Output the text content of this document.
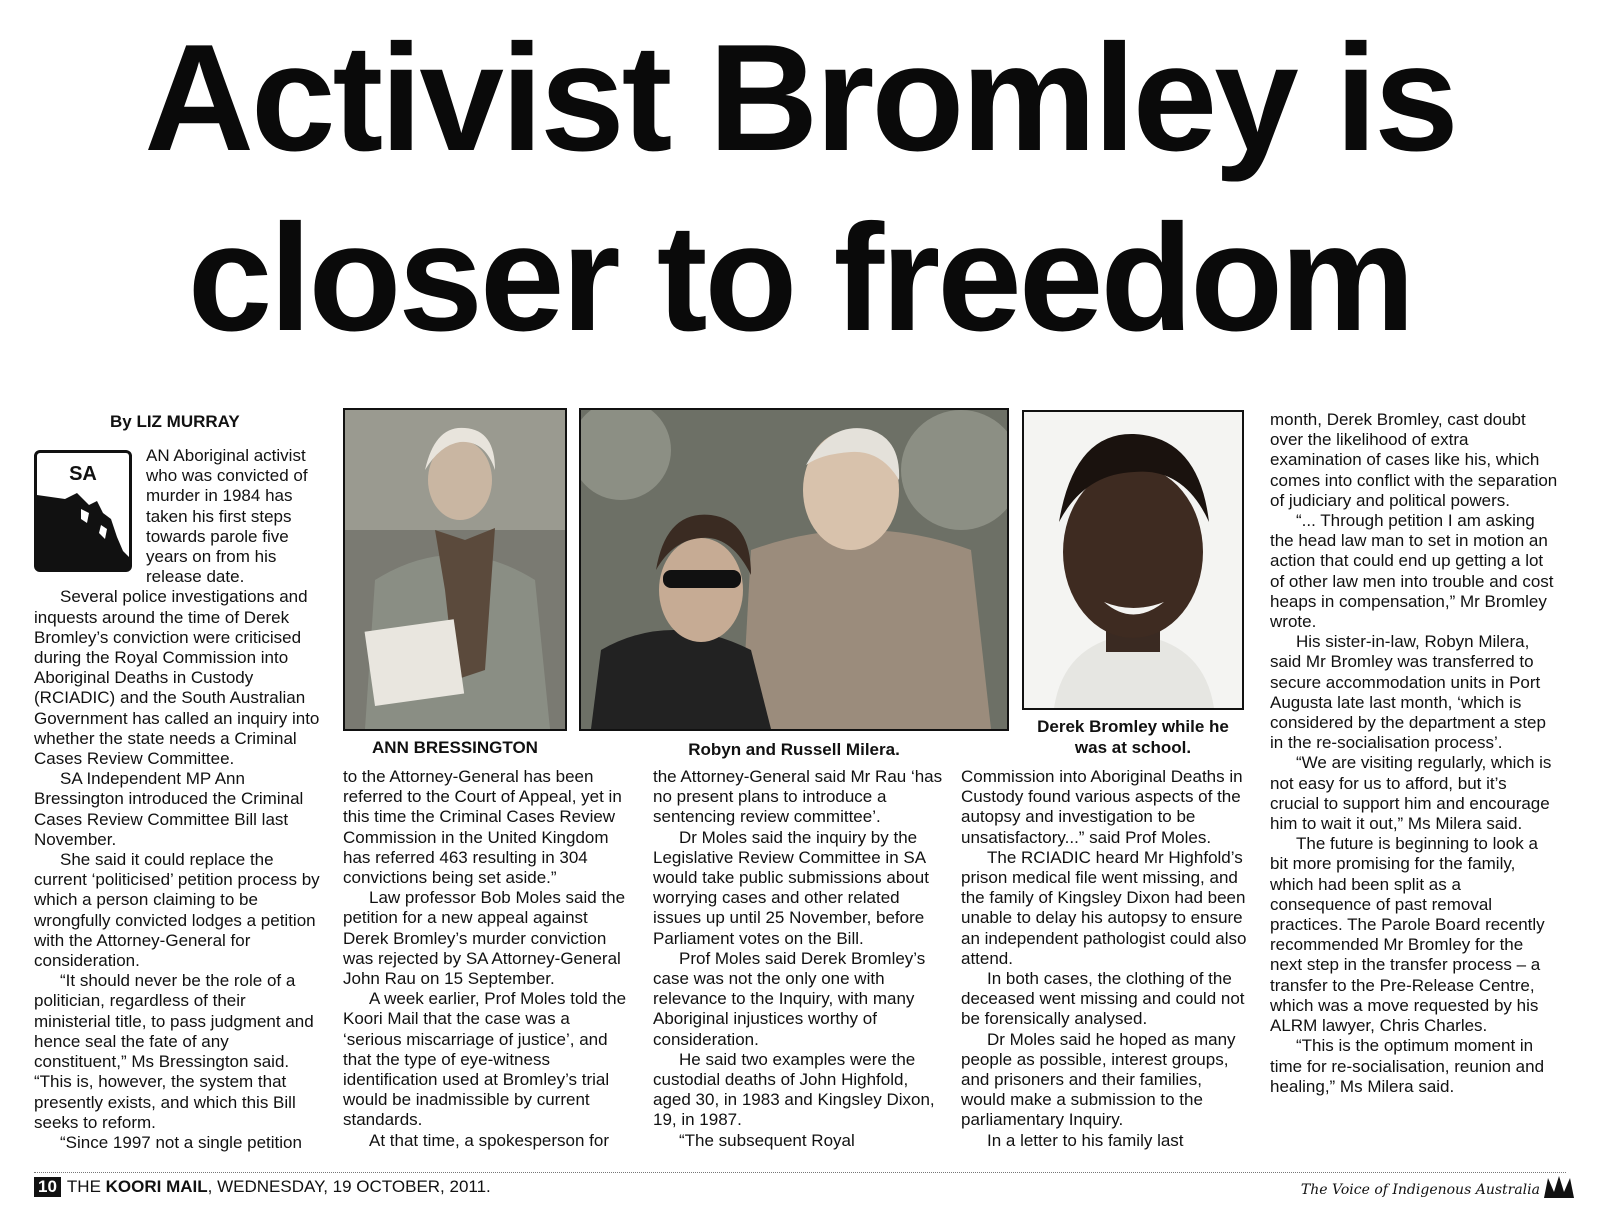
Activist Bromley is
closer to freedom

By LIZ MURRAY

SA

AN Aboriginal activist who was convicted of murder in 1984 has taken his first steps towards parole five years on from his release date.

Several police investigations and inquests around the time of Derek Bromley’s conviction were criticised during the Royal Commission into Aboriginal Deaths in Custody (RCIADIC) and the South Australian Government has called an inquiry into whether the state needs a Criminal Cases Review Committee.

SA Independent MP Ann Bressington introduced the Criminal Cases Review Committee Bill last November.

She said it could replace the current ‘politicised’ petition process by which a person claiming to be wrongfully convicted lodges a petition with the Attorney-General for consideration.

“It should never be the role of a politician, regardless of their ministerial title, to pass judgment and hence seal the fate of any constituent,” Ms Bressington said. “This is, however, the system that presently exists, and which this Bill seeks to reform.

“Since 1997 not a single petition

ANN BRESSINGTON	Robyn and Russell Milera.

Derek Bromley while he was at school.

to the Attorney-General has been referred to the Court of Appeal, yet in this time the Criminal Cases Review Commission in the United Kingdom has referred 463 resulting in 304 convictions being set aside.”

Law professor Bob Moles said the petition for a new appeal against Derek Bromley’s murder conviction was rejected by SA Attorney-General John Rau on 15 September.

A week earlier, Prof Moles told the Koori Mail that the case was a ‘serious miscarriage of justice’, and that the type of eye-witness identification used at Bromley’s trial would be inadmissible by current standards.

At that time, a spokesperson for

the Attorney-General said Mr Rau ‘has no present plans to introduce a sentencing review committee’.

Dr Moles said the inquiry by the Legislative Review Committee in SA would take public submissions about worrying cases and other related issues up until 25 November, before Parliament votes on the Bill.

Prof Moles said Derek Bromley’s case was not the only one with relevance to the Inquiry, with many Aboriginal injustices worthy of consideration.

He said two examples were the custodial deaths of John Highfold, aged 30, in 1983 and Kingsley Dixon, 19, in 1987.

“The subsequent Royal

Commission into Aboriginal Deaths in Custody found various aspects of the autopsy and investigation to be unsatisfactory...” said Prof Moles.

The RCIADIC heard Mr Highfold’s prison medical file went missing, and the family of Kingsley Dixon had been unable to delay his autopsy to ensure an independent pathologist could also attend.

In both cases, the clothing of the deceased went missing and could not be forensically analysed.

Dr Moles said he hoped as many people as possible, interest groups, and prisoners and their families, would make a submission to the parliamentary Inquiry.

In a letter to his family last

month, Derek Bromley, cast doubt over the likelihood of extra examination of cases like his, which comes into conflict with the separation of judiciary and political powers.

“... Through petition I am asking the head law man to set in motion an action that could end up getting a lot of other law men into trouble and cost heaps in compensation,” Mr Bromley wrote.

His sister-in-law, Robyn Milera, said Mr Bromley was transferred to secure accommodation units in Port Augusta late last month, ‘which is considered by the department a step in the re-socialisation process’.

“We are visiting regularly, which is not easy for us to afford, but it’s crucial to support him and encourage him to wait it out,” Ms Milera said.

The future is beginning to look a bit more promising for the family, which had been split as a consequence of past removal practices. The Parole Board recently recommended Mr Bromley for the next step in the transfer process – a transfer to the Pre-Release Centre, which was a move requested by his ALRM lawyer, Chris Charles.

“This is the optimum moment in time for re-socialisation, reunion and healing,” Ms Milera said.

10 THE KOORI MAIL, WEDNESDAY, 19 OCTOBER, 2011.	The Voice of Indigenous Australia
